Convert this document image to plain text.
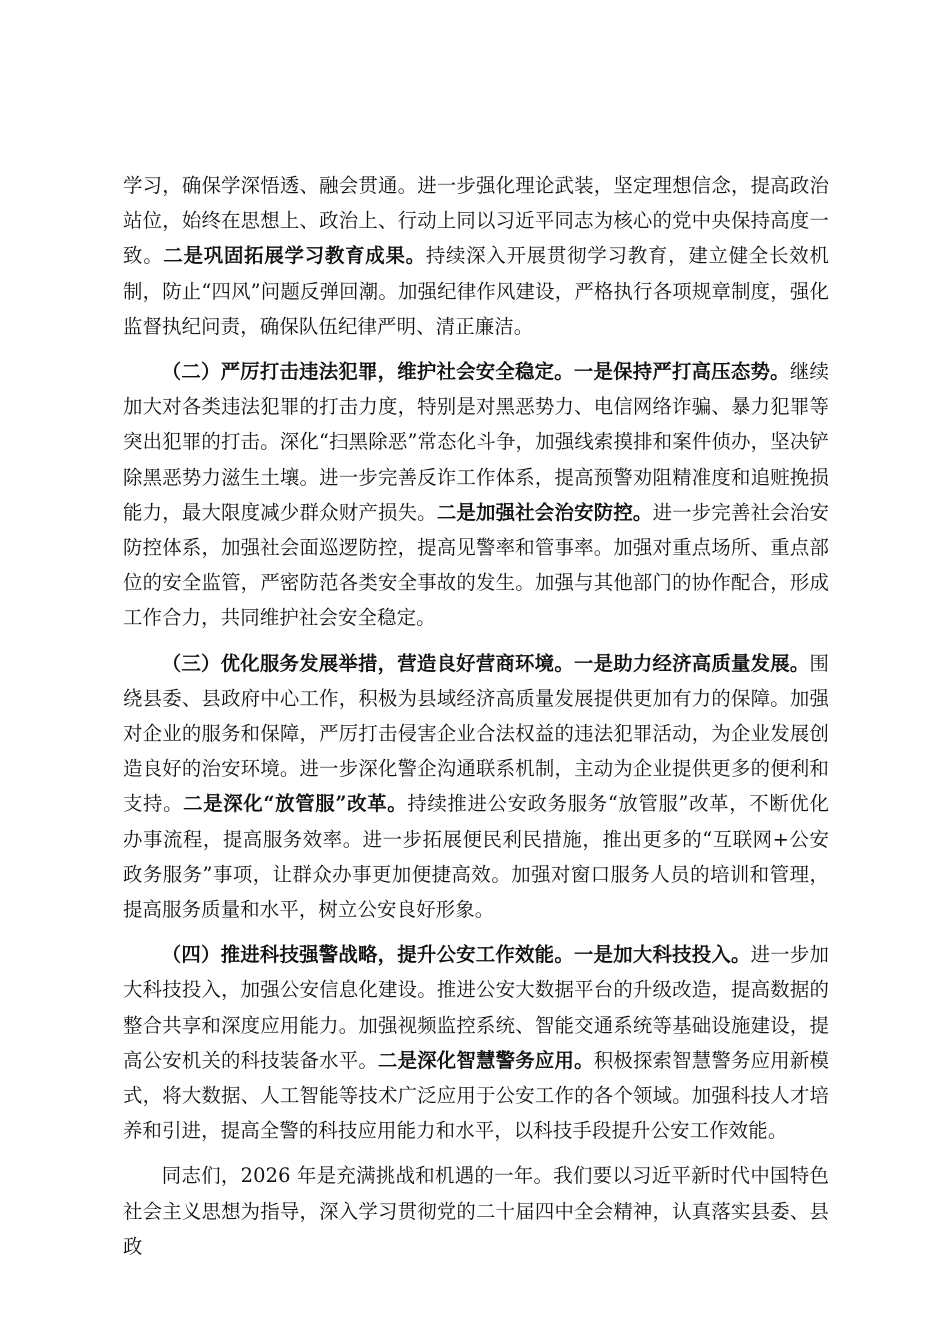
学习，确保学深悟透、融会贯通。进一步强化理论武装，坚定理想信念，提高政治站位，始终在思想上、政治上、行动上同以习近平同志为核心的党中央保持高度一致。二是巩固拓展学习教育成果。持续深入开展贯彻学习教育，建立健全长效机制，防止“四风”问题反弹回潮。加强纪律作风建设，严格执行各项规章制度，强化监督执纪问责，确保队伍纪律严明、清正廉洁。

（二）严厉打击违法犯罪，维护社会安全稳定。一是保持严打高压态势。继续加大对各类违法犯罪的打击力度，特别是对黑恶势力、电信网络诈骗、暴力犯罪等突出犯罪的打击。深化“扫黑除恶”常态化斗争，加强线索摸排和案件侦办，坚决铲除黑恶势力滋生土壤。进一步完善反诈工作体系，提高预警劝阻精准度和追赃挽损能力，最大限度减少群众财产损失。二是加强社会治安防控。进一步完善社会治安防控体系，加强社会面巡逻防控，提高见警率和管事率。加强对重点场所、重点部位的安全监管，严密防范各类安全事故的发生。加强与其他部门的协作配合，形成工作合力，共同维护社会安全稳定。

（三）优化服务发展举措，营造良好营商环境。一是助力经济高质量发展。围绕县委、县政府中心工作，积极为县域经济高质量发展提供更加有力的保障。加强对企业的服务和保障，严厉打击侵害企业合法权益的违法犯罪活动，为企业发展创造良好的治安环境。进一步深化警企沟通联系机制，主动为企业提供更多的便利和支持。二是深化“放管服”改革。持续推进公安政务服务“放管服”改革，不断优化办事流程，提高服务效率。进一步拓展便民利民措施，推出更多的“互联网+公安政务服务”事项，让群众办事更加便捷高效。加强对窗口服务人员的培训和管理，提高服务质量和水平，树立公安良好形象。

（四）推进科技强警战略，提升公安工作效能。一是加大科技投入。进一步加大科技投入，加强公安信息化建设。推进公安大数据平台的升级改造，提高数据的整合共享和深度应用能力。加强视频监控系统、智能交通系统等基础设施建设，提高公安机关的科技装备水平。二是深化智慧警务应用。积极探索智慧警务应用新模式，将大数据、人工智能等技术广泛应用于公安工作的各个领域。加强科技人才培养和引进，提高全警的科技应用能力和水平，以科技手段提升公安工作效能。

同志们，2026 年是充满挑战和机遇的一年。我们要以习近平新时代中国特色社会主义思想为指导，深入学习贯彻党的二十届四中全会精神，认真落实县委、县政
